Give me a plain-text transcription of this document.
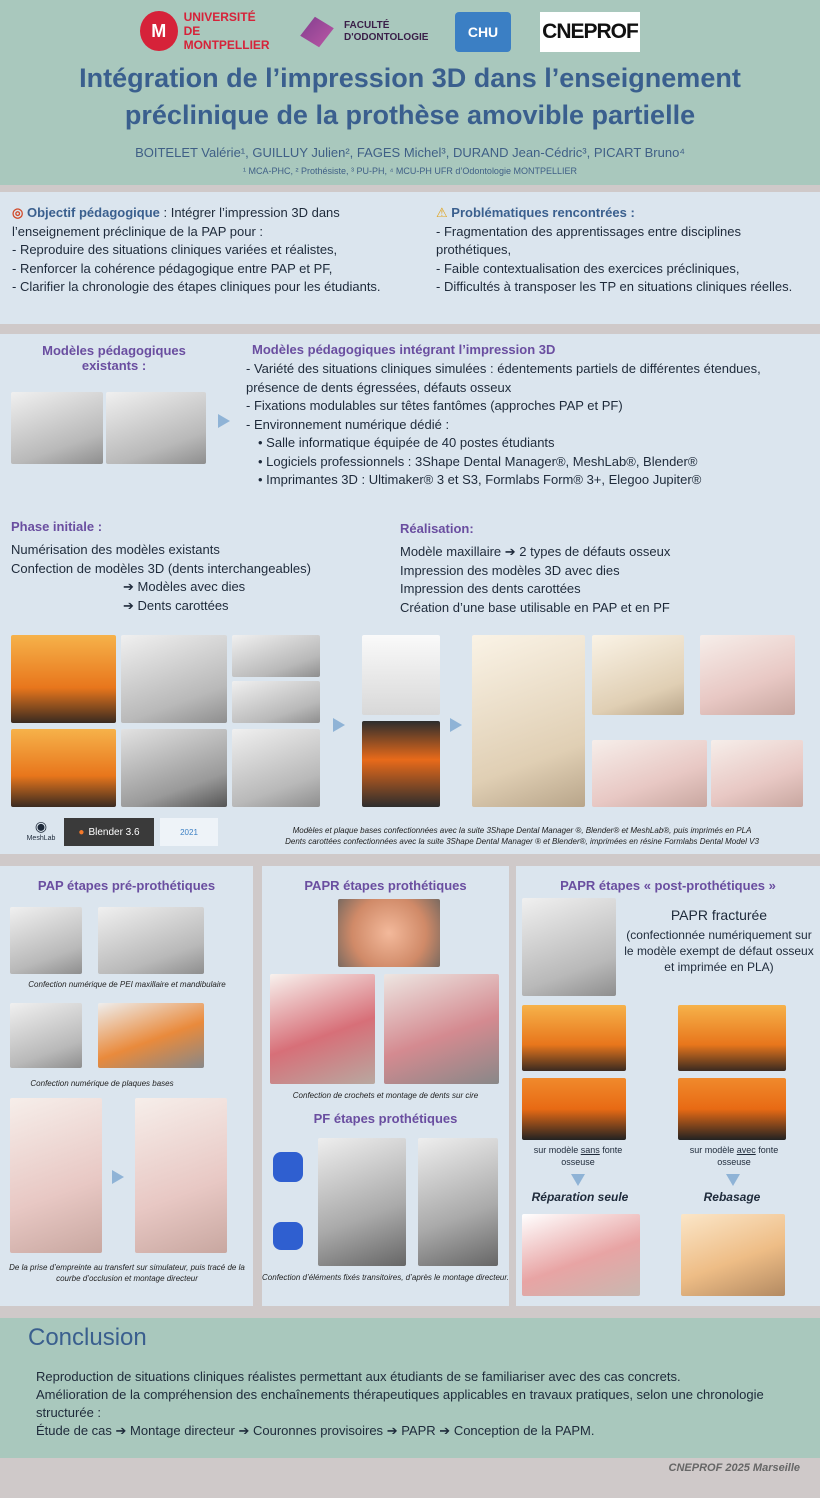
M
UNIVERSITÉ DE
MONTPELLIER
FACULTÉ
D'ODONTOLOGIE	CHU	CNEPROF
Intégration de l’impression 3D dans l’enseignement
préclinique de la prothèse amovible partielle
BOITELET Valérie¹, GUILLUY Julien², FAGES Michel³, DURAND Jean-Cédric³, PICART Bruno⁴
¹ MCA-PHC, ² Prothésiste, ³ PU-PH, ⁴ MCU-PH UFR d’Odontologie MONTPELLIER
◎ Objectif pédagogique : Intégrer l’impression 3D dans l’enseignement préclinique de la PAP pour :
- Reproduire des situations cliniques variées et réalistes,
- Renforcer la cohérence pédagogique entre PAP et PF,
- Clarifier la chronologie des étapes cliniques pour les étudiants.
⚠ Problématiques rencontrées :
- Fragmentation des apprentissages entre disciplines prothétiques,
- Faible contextualisation des exercices précliniques,
- Difficultés à transposer les TP en situations cliniques réelles.
Modèles pédagogiques existants :
Modèles pédagogiques intégrant l’impression 3D
- Variété des situations cliniques simulées : édentements partiels de différentes étendues, présence de dents égressées, défauts osseux
- Fixations modulables sur têtes fantômes (approches PAP et PF)
- Environnement numérique dédié :
• Salle informatique équipée de 40 postes étudiants
• Logiciels professionnels : 3Shape Dental Manager®, MeshLab®, Blender®
• Imprimantes 3D : Ultimaker® 3 et S3, Formlabs Form® 3+, Elegoo Jupiter®
Phase initiale :
Numérisation des modèles existants
Confection de modèles 3D (dents interchangeables)
➔ Modèles avec dies
➔ Dents carottées
Réalisation:
Modèle maxillaire ➔ 2 types de défauts osseux
Impression des modèles 3D avec dies
Impression des dents carottées
Création d’une base utilisable en PAP et en PF
◉
MeshLab
● Blender 3.6	2021	Modèles et plaque bases confectionnées avec la suite 3Shape Dental Manager ®, Blender® et MeshLab®, puis imprimés en PLA
Dents carottées confectionnées avec la suite 3Shape Dental Manager ® et Blender®, imprimées en résine Formlabs Dental Model V3
PAP étapes pré-prothétiques
Confection numérique de PEI maxillaire et mandibulaire
Confection numérique de plaques bases
De la prise d’empreinte au transfert sur simulateur, puis tracé de la courbe d’occlusion et montage directeur
PAPR étapes prothétiques
Confection de crochets et montage de dents sur cire
PF étapes prothétiques
Confection d’éléments fixés transitoires, d’après le montage directeur.
PAPR étapes « post-prothétiques »
PAPR fracturée
(confectionnée numériquement sur le modèle exempt de défaut osseux et imprimée en PLA)
sur modèle sans fonte osseuse
sur modèle avec fonte osseuse
Réparation seule	Rebasage
Conclusion
Reproduction de situations cliniques réalistes permettant aux étudiants de se familiariser avec des cas concrets.
Amélioration de la compréhension des enchaînements thérapeutiques applicables en travaux pratiques, selon une chronologie structurée :
Étude de cas ➔ Montage directeur ➔ Couronnes provisoires ➔ PAPR ➔ Conception de la PAPM.
CNEPROF 2025 Marseille
